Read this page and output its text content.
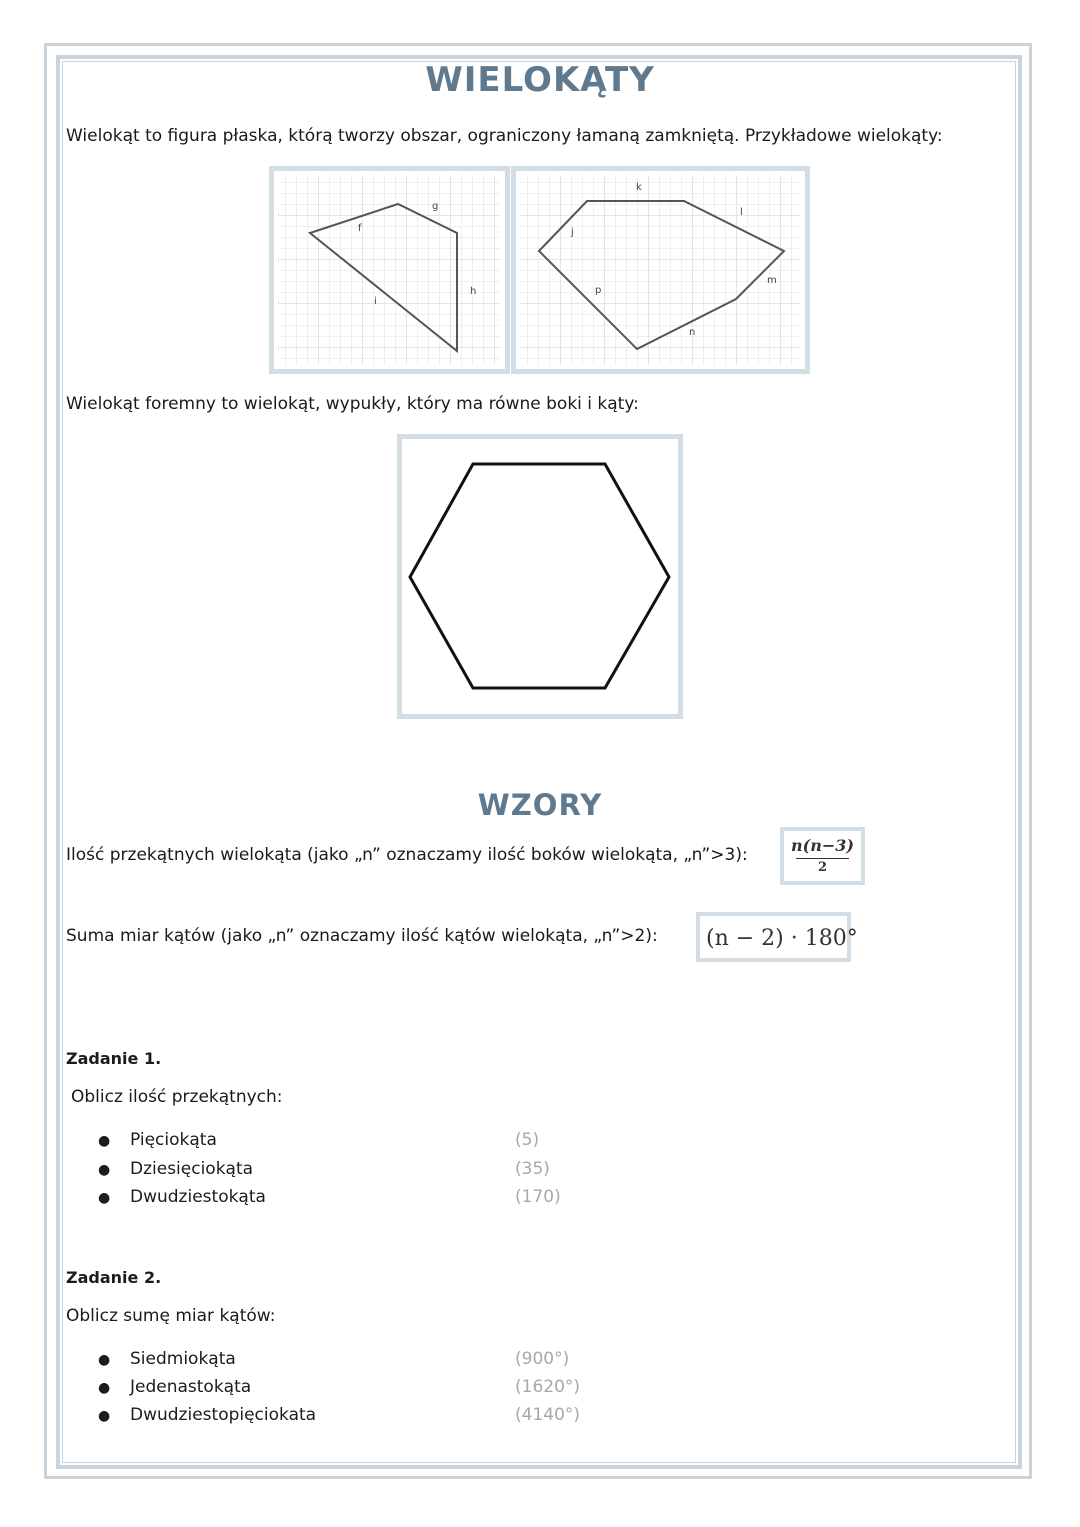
WIELOKĄTY
Wielokąt to figura płaska, którą tworzy obszar, ograniczony łamaną zamkniętą. Przykładowe wielokąty:
f
g
h
i
k
l
j
m
p
n
Wielokąt foremny to wielokąt, wypukły, który ma równe boki i kąty:
WZORY
Ilość przekątnych wielokąta (jako „n” oznaczamy ilość boków wielokąta, „n”>3):	n(n−3)
2
Suma miar kątów (jako „n” oznaczamy ilość kątów wielokąta, „n”>2): (n − 2) · 180°
Zadanie 1.
Oblicz ilość przekątnych:
● Pięciokąta	(5)
● Dziesięciokąta	(35)
● Dwudziestokąta	(170)
Zadanie 2.
Oblicz sumę miar kątów:
● Siedmiokąta	(900°)
● Jedenastokąta	(1620°)
● Dwudziestopięciokata	(4140°)
